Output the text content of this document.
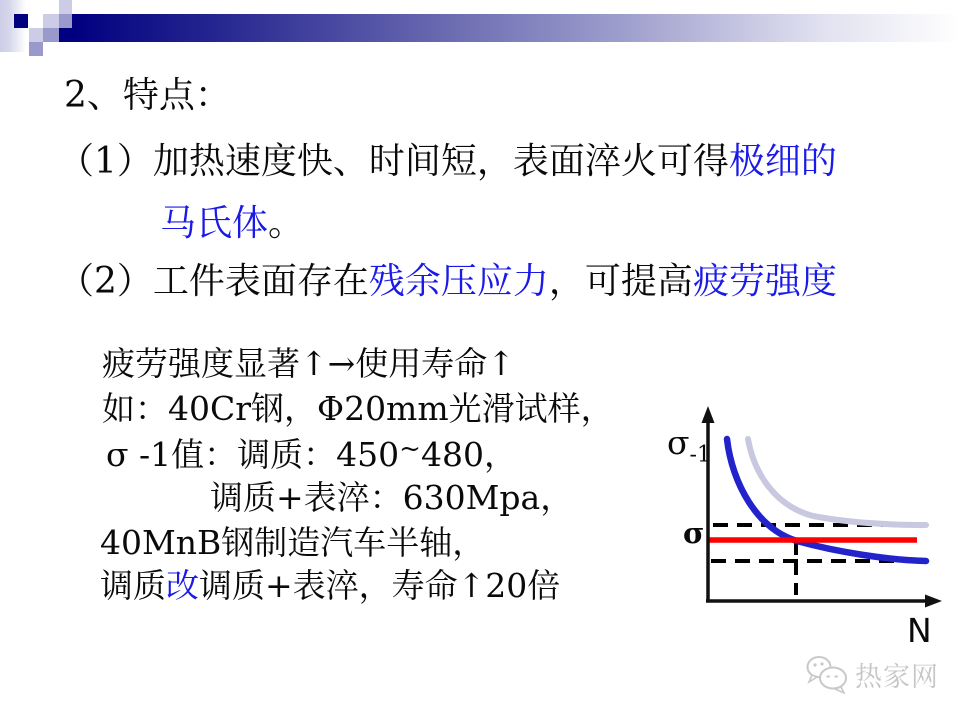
2、特点：
（1）加热速度快、时间短，表面淬火可得极细的
马氏体。
（2）工件表面存在残余压应力，可提高疲劳强度
疲劳强度显著↑→使用寿命↑
如：40Cr钢，Φ20mm光滑试样，
σ -1值：调质：450~480，
调质+表淬：630Mpa，
40MnB钢制造汽车半轴，
调质改调质+表淬，寿命↑20倍
$\sigma_{-1}$
σ
N
热家网
